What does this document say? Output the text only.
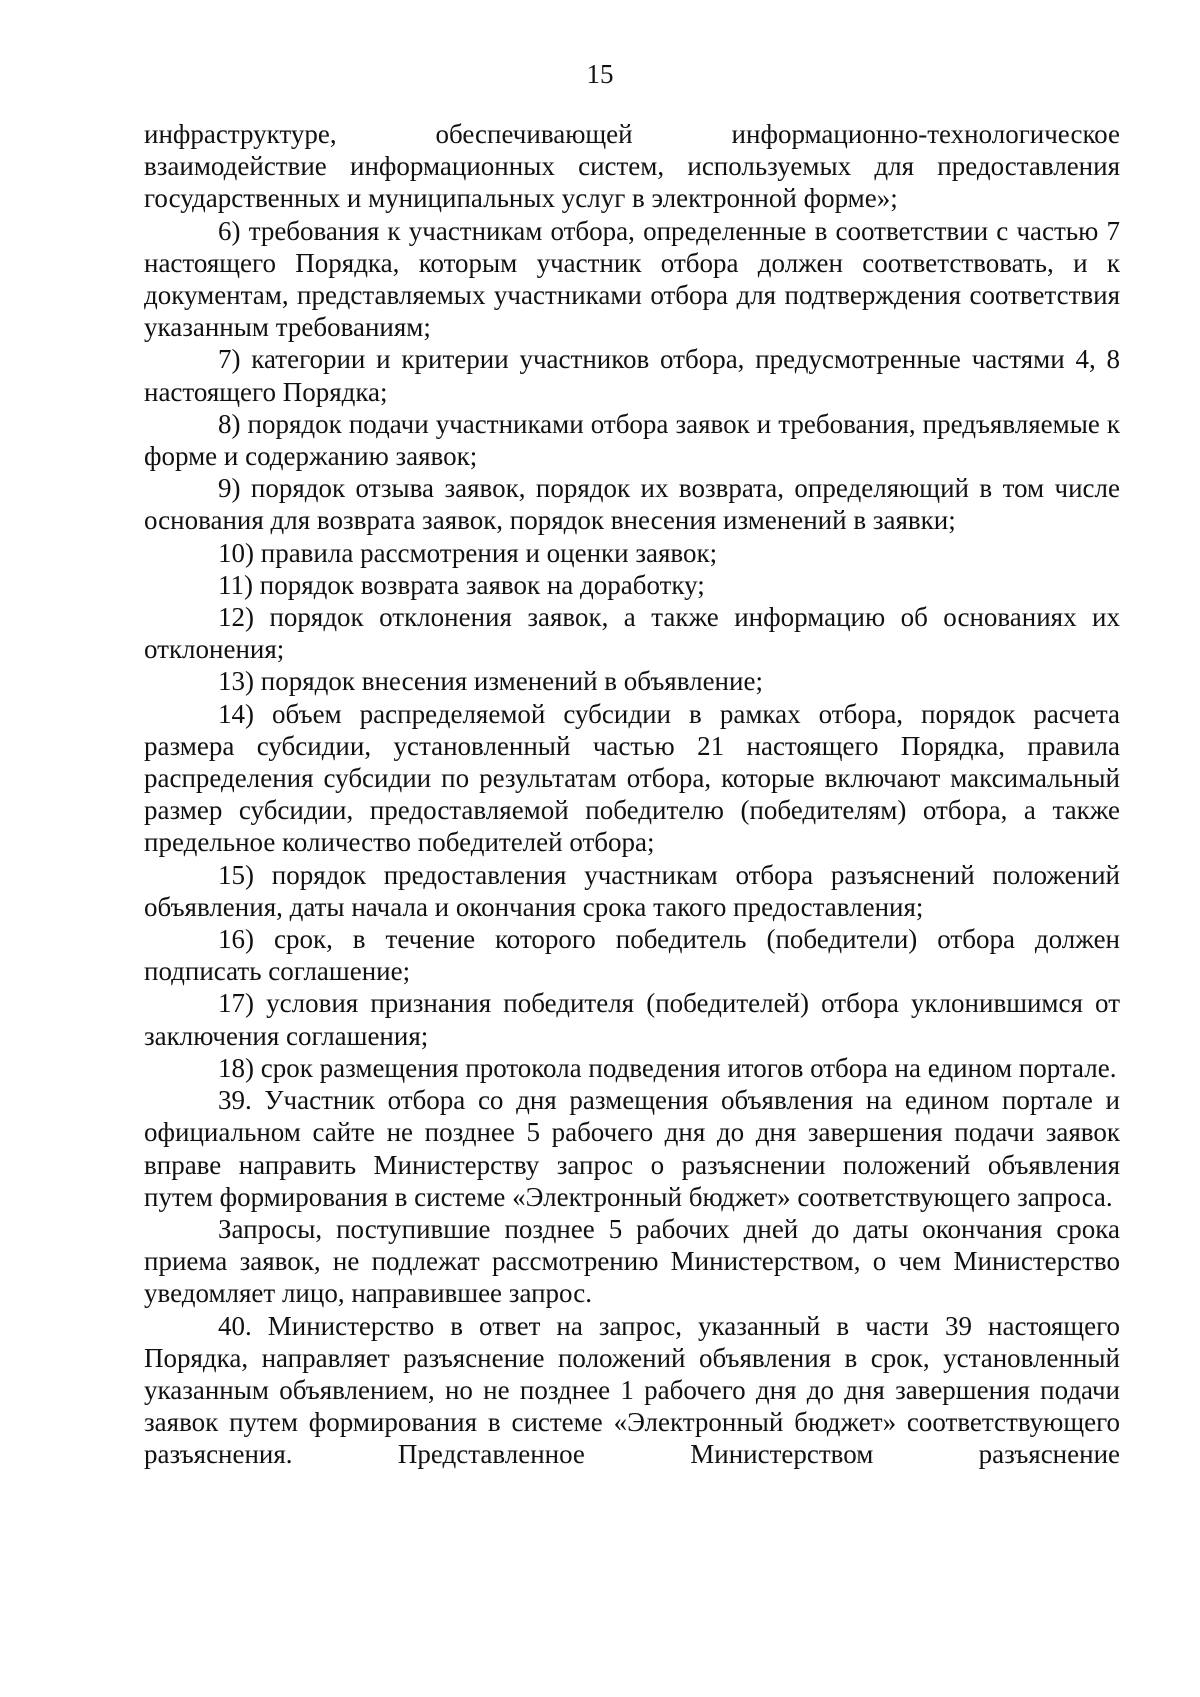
15

инфраструктуре, обеспечивающей информационно-технологическое взаимодействие информационных систем, используемых для предоставления государственных и муниципальных услуг в электронной форме»;

6) требования к участникам отбора, определенные в соответствии с частью 7 настоящего Порядка, которым участник отбора должен соответствовать, и к документам, представляемых участниками отбора для подтверждения соответствия указанным требованиям;

7) категории и критерии участников отбора, предусмотренные частями 4, 8 настоящего Порядка;

8) порядок подачи участниками отбора заявок и требования, предъявляемые к форме и содержанию заявок;

9) порядок отзыва заявок, порядок их возврата, определяющий в том числе основания для возврата заявок, порядок внесения изменений в заявки;

10) правила рассмотрения и оценки заявок;

11) порядок возврата заявок на доработку;

12) порядок отклонения заявок, а также информацию об основаниях их отклонения;

13) порядок внесения изменений в объявление;

14) объем распределяемой субсидии в рамках отбора, порядок расчета размера субсидии, установленный частью 21 настоящего Порядка, правила распределения субсидии по результатам отбора, которые включают максимальный размер субсидии, предоставляемой победителю (победителям) отбора, а также предельное количество победителей отбора;

15) порядок предоставления участникам отбора разъяснений положений объявления, даты начала и окончания срока такого предоставления;

16) срок, в течение которого победитель (победители) отбора должен подписать соглашение;

17) условия признания победителя (победителей) отбора уклонившимся от заключения соглашения;

18) срок размещения протокола подведения итогов отбора на едином портале.

39. Участник отбора со дня размещения объявления на едином портале и официальном сайте не позднее 5 рабочего дня до дня завершения подачи заявок вправе направить Министерству запрос о разъяснении положений объявления путем формирования в системе «Электронный бюджет» соответствующего запроса.

Запросы, поступившие позднее 5 рабочих дней до даты окончания срока приема заявок, не подлежат рассмотрению Министерством, о чем Министерство уведомляет лицо, направившее запрос.

40. Министерство в ответ на запрос, указанный в части 39 настоящего Порядка, направляет разъяснение положений объявления в срок, установленный указанным объявлением, но не позднее 1 рабочего дня до дня завершения подачи заявок путем формирования в системе «Электронный бюджет» соответствующего разъяснения. Представленное Министерством разъяснение
